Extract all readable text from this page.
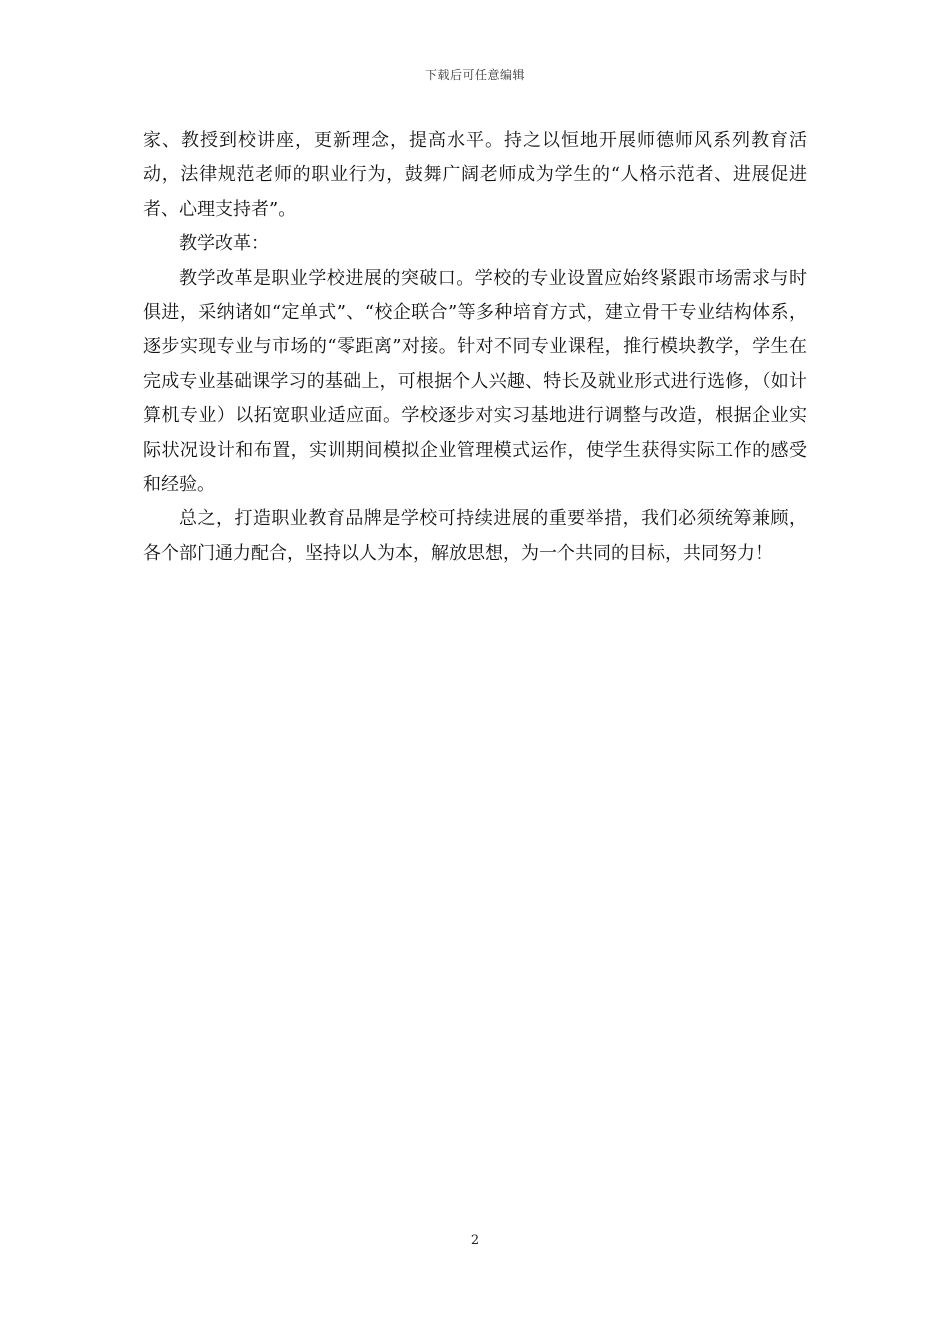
下载后可任意编辑

家、教授到校讲座，更新理念，提高水平。持之以恒地开展师德师风系列教育活动，法律规范老师的职业行为，鼓舞广阔老师成为学生的“人格示范者、进展促进者、心理支持者”。

教学改革：

教学改革是职业学校进展的突破口。学校的专业设置应始终紧跟市场需求与时俱进，采纳诸如“定单式”、“校企联合”等多种培育方式，建立骨干专业结构体系，逐步实现专业与市场的“零距离”对接。针对不同专业课程，推行模块教学，学生在完成专业基础课学习的基础上，可根据个人兴趣、特长及就业形式进行选修，（如计算机专业）以拓宽职业适应面。学校逐步对实习基地进行调整与改造，根据企业实际状况设计和布置，实训期间模拟企业管理模式运作，使学生获得实际工作的感受和经验。

总之，打造职业教育品牌是学校可持续进展的重要举措，我们必须统筹兼顾，各个部门通力配合，坚持以人为本，解放思想，为一个共同的目标，共同努力！

2
